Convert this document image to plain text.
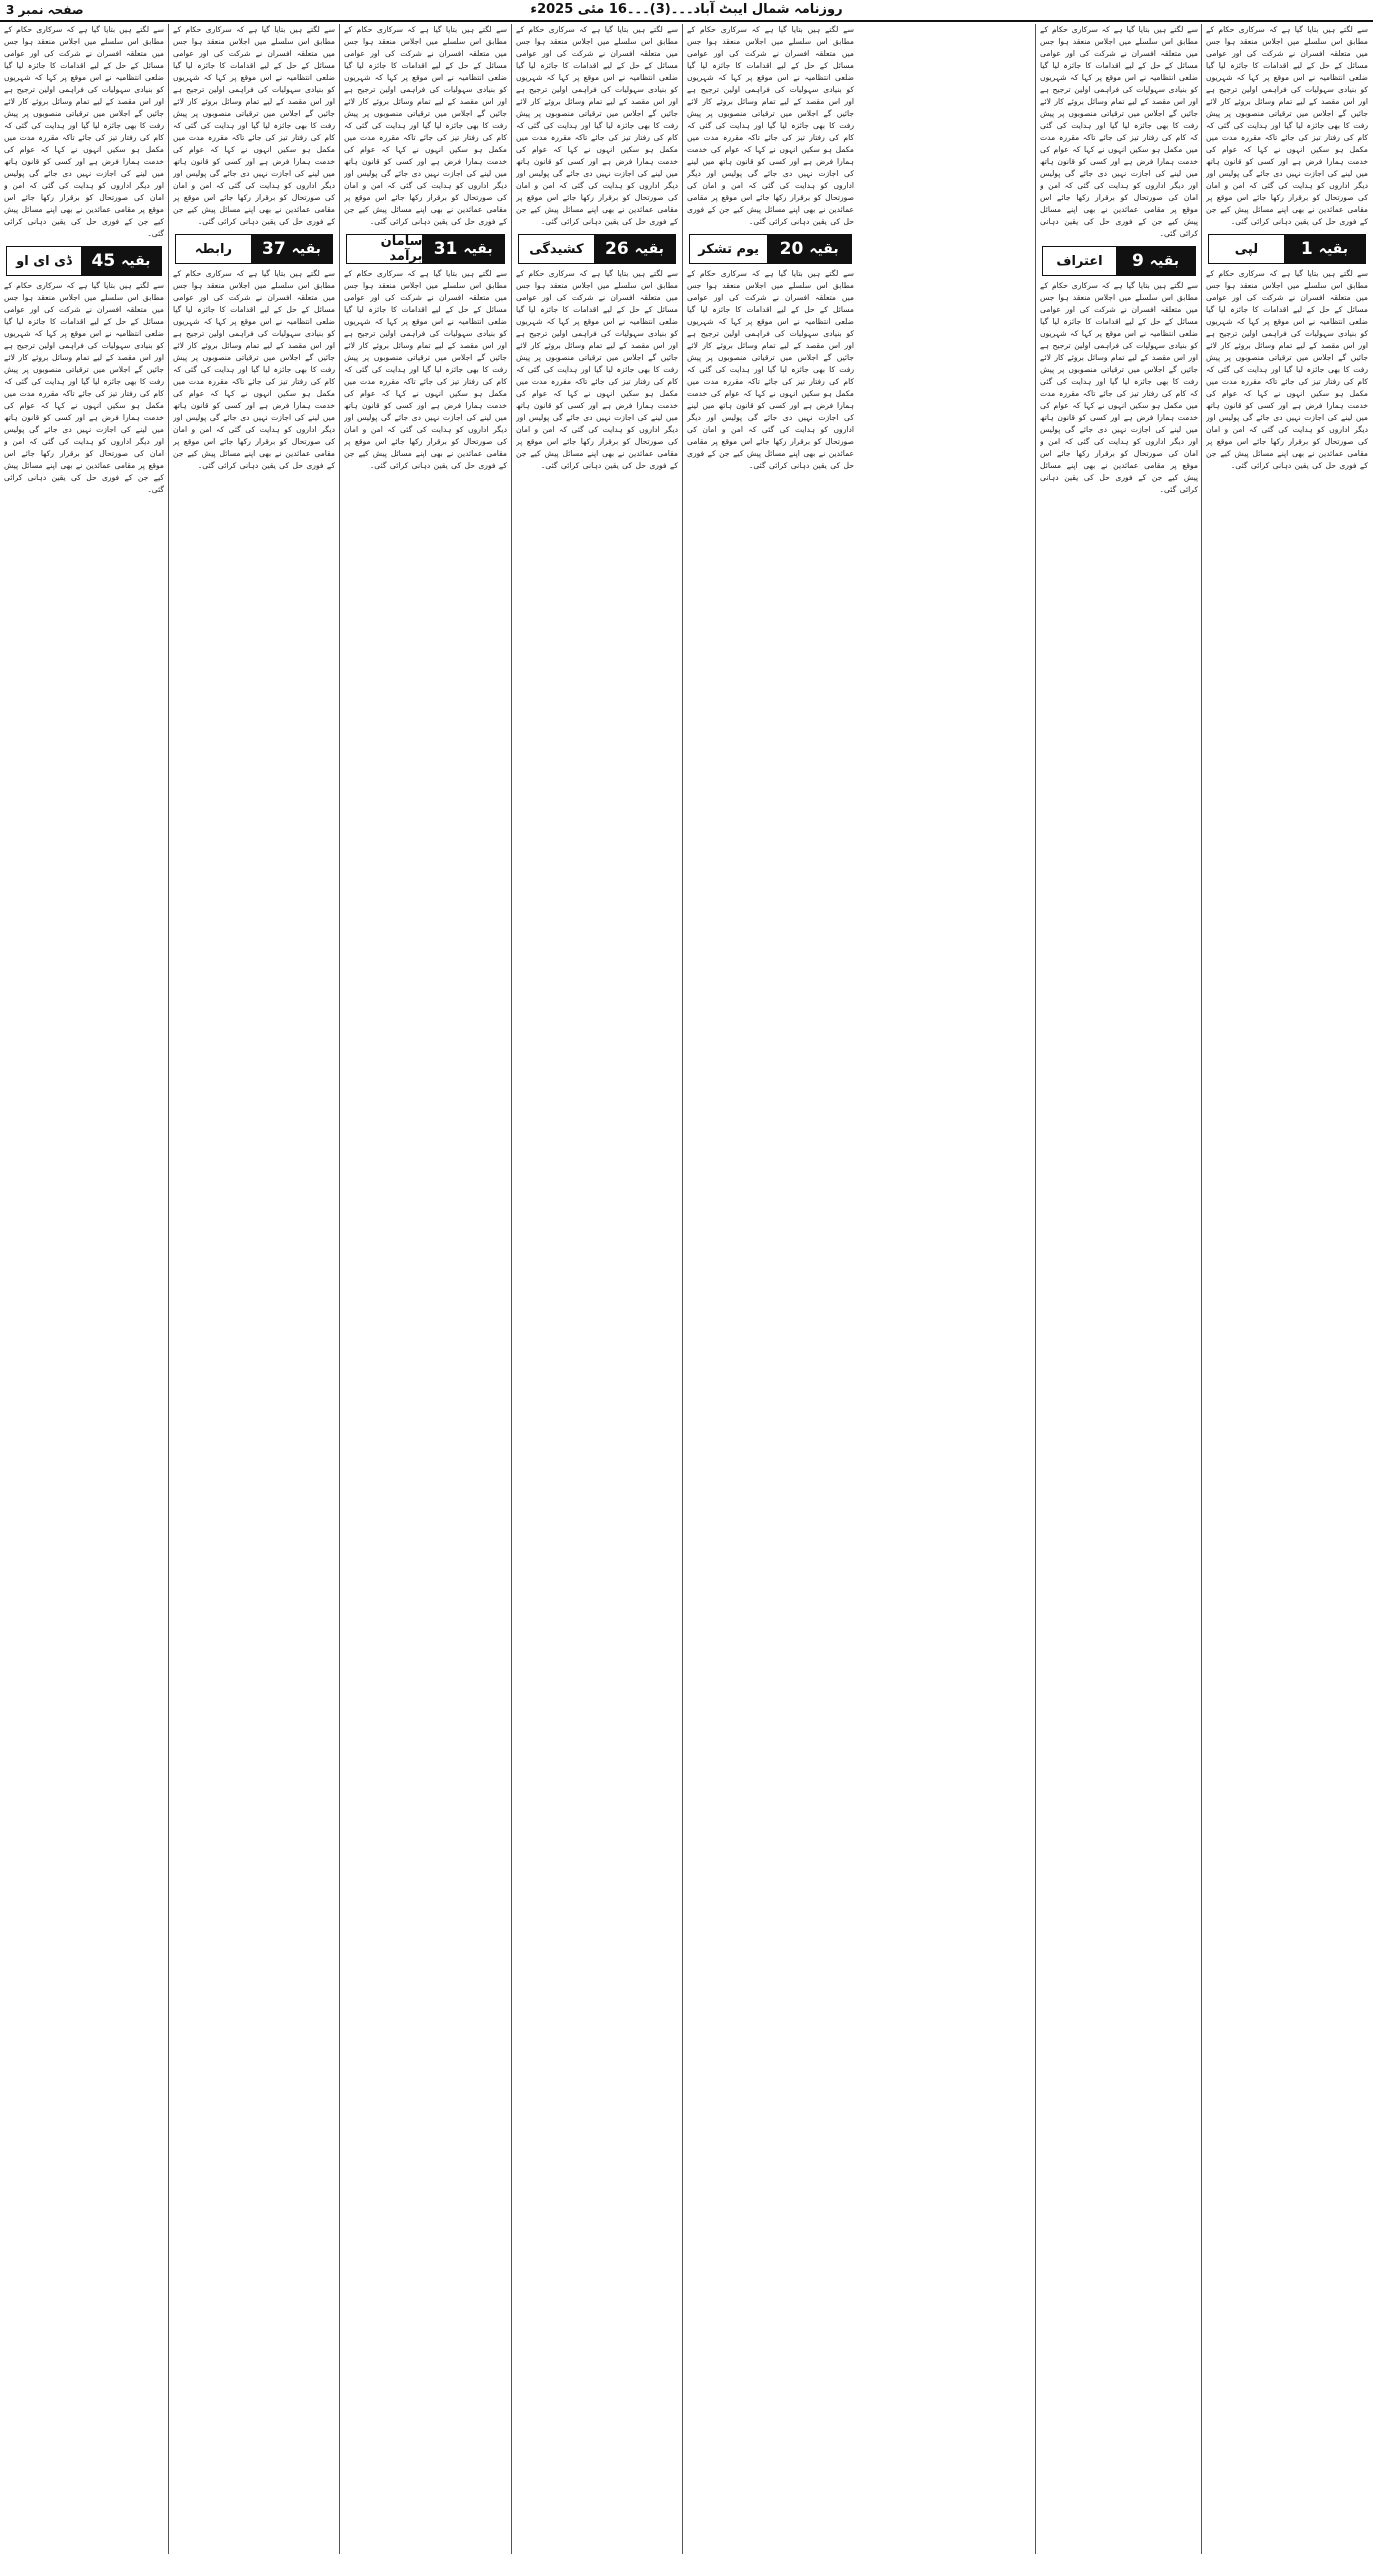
روزنامہ شمال ایبٹ آباد۔۔۔(3)۔۔۔16 مئی 2025ء
صفحہ نمبر 3
سے لگتے ہیں بتایا گیا ہے کہ سرکاری حکام کے مطابق اس سلسلے میں اجلاس منعقد ہوا جس میں متعلقہ افسران نے شرکت کی اور عوامی مسائل کے حل کے لیے اقدامات کا جائزہ لیا گیا ضلعی انتظامیہ نے اس موقع پر کہا کہ شہریوں کو بنیادی سہولیات کی فراہمی اولین ترجیح ہے اور اس مقصد کے لیے تمام وسائل بروئے کار لائے جائیں گے اجلاس میں ترقیاتی منصوبوں پر پیش رفت کا بھی جائزہ لیا گیا اور ہدایت کی گئی کہ کام کی رفتار تیز کی جائے تاکہ مقررہ مدت میں مکمل ہو سکیں انہوں نے کہا کہ عوام کی خدمت ہمارا فرض ہے اور کسی کو قانون ہاتھ میں لینے کی اجازت نہیں دی جائے گی پولیس اور دیگر اداروں کو ہدایت کی گئی کہ امن و امان کی صورتحال کو برقرار رکھا جائے اس موقع پر مقامی عمائدین نے بھی اپنے مسائل پیش کیے جن کے فوری حل کی یقین دہانی کرائی گئی۔
بقیہ
1
لپی
سے لگتے ہیں بتایا گیا ہے کہ سرکاری حکام کے مطابق اس سلسلے میں اجلاس منعقد ہوا جس میں متعلقہ افسران نے شرکت کی اور عوامی مسائل کے حل کے لیے اقدامات کا جائزہ لیا گیا ضلعی انتظامیہ نے اس موقع پر کہا کہ شہریوں کو بنیادی سہولیات کی فراہمی اولین ترجیح ہے اور اس مقصد کے لیے تمام وسائل بروئے کار لائے جائیں گے اجلاس میں ترقیاتی منصوبوں پر پیش رفت کا بھی جائزہ لیا گیا اور ہدایت کی گئی کہ کام کی رفتار تیز کی جائے تاکہ مقررہ مدت میں مکمل ہو سکیں انہوں نے کہا کہ عوام کی خدمت ہمارا فرض ہے اور کسی کو قانون ہاتھ میں لینے کی اجازت نہیں دی جائے گی پولیس اور دیگر اداروں کو ہدایت کی گئی کہ امن و امان کی صورتحال کو برقرار رکھا جائے اس موقع پر مقامی عمائدین نے بھی اپنے مسائل پیش کیے جن کے فوری حل کی یقین دہانی کرائی گئی۔
سے لگتے ہیں بتایا گیا ہے کہ سرکاری حکام کے مطابق اس سلسلے میں اجلاس منعقد ہوا جس میں متعلقہ افسران نے شرکت کی اور عوامی مسائل کے حل کے لیے اقدامات کا جائزہ لیا گیا ضلعی انتظامیہ نے اس موقع پر کہا کہ شہریوں کو بنیادی سہولیات کی فراہمی اولین ترجیح ہے اور اس مقصد کے لیے تمام وسائل بروئے کار لائے جائیں گے اجلاس میں ترقیاتی منصوبوں پر پیش رفت کا بھی جائزہ لیا گیا اور ہدایت کی گئی کہ کام کی رفتار تیز کی جائے تاکہ مقررہ مدت میں مکمل ہو سکیں انہوں نے کہا کہ عوام کی خدمت ہمارا فرض ہے اور کسی کو قانون ہاتھ میں لینے کی اجازت نہیں دی جائے گی پولیس اور دیگر اداروں کو ہدایت کی گئی کہ امن و امان کی صورتحال کو برقرار رکھا جائے اس موقع پر مقامی عمائدین نے بھی اپنے مسائل پیش کیے جن کے فوری حل کی یقین دہانی کرائی گئی۔
بقیہ
9
اعتراف
سے لگتے ہیں بتایا گیا ہے کہ سرکاری حکام کے مطابق اس سلسلے میں اجلاس منعقد ہوا جس میں متعلقہ افسران نے شرکت کی اور عوامی مسائل کے حل کے لیے اقدامات کا جائزہ لیا گیا ضلعی انتظامیہ نے اس موقع پر کہا کہ شہریوں کو بنیادی سہولیات کی فراہمی اولین ترجیح ہے اور اس مقصد کے لیے تمام وسائل بروئے کار لائے جائیں گے اجلاس میں ترقیاتی منصوبوں پر پیش رفت کا بھی جائزہ لیا گیا اور ہدایت کی گئی کہ کام کی رفتار تیز کی جائے تاکہ مقررہ مدت میں مکمل ہو سکیں انہوں نے کہا کہ عوام کی خدمت ہمارا فرض ہے اور کسی کو قانون ہاتھ میں لینے کی اجازت نہیں دی جائے گی پولیس اور دیگر اداروں کو ہدایت کی گئی کہ امن و امان کی صورتحال کو برقرار رکھا جائے اس موقع پر مقامی عمائدین نے بھی اپنے مسائل پیش کیے جن کے فوری حل کی یقین دہانی کرائی گئی۔
سے لگتے ہیں بتایا گیا ہے کہ سرکاری حکام کے مطابق اس سلسلے میں اجلاس منعقد ہوا جس میں متعلقہ افسران نے شرکت کی اور عوامی مسائل کے حل کے لیے اقدامات کا جائزہ لیا گیا ضلعی انتظامیہ نے اس موقع پر کہا کہ شہریوں کو بنیادی سہولیات کی فراہمی اولین ترجیح ہے اور اس مقصد کے لیے تمام وسائل بروئے کار لائے جائیں گے اجلاس میں ترقیاتی منصوبوں پر پیش رفت کا بھی جائزہ لیا گیا اور ہدایت کی گئی کہ کام کی رفتار تیز کی جائے تاکہ مقررہ مدت میں مکمل ہو سکیں انہوں نے کہا کہ عوام کی خدمت ہمارا فرض ہے اور کسی کو قانون ہاتھ میں لینے کی اجازت نہیں دی جائے گی پولیس اور دیگر اداروں کو ہدایت کی گئی کہ امن و امان کی صورتحال کو برقرار رکھا جائے اس موقع پر مقامی عمائدین نے بھی اپنے مسائل پیش کیے جن کے فوری حل کی یقین دہانی کرائی گئی۔
بقیہ
20
یوم تشکر
سے لگتے ہیں بتایا گیا ہے کہ سرکاری حکام کے مطابق اس سلسلے میں اجلاس منعقد ہوا جس میں متعلقہ افسران نے شرکت کی اور عوامی مسائل کے حل کے لیے اقدامات کا جائزہ لیا گیا ضلعی انتظامیہ نے اس موقع پر کہا کہ شہریوں کو بنیادی سہولیات کی فراہمی اولین ترجیح ہے اور اس مقصد کے لیے تمام وسائل بروئے کار لائے جائیں گے اجلاس میں ترقیاتی منصوبوں پر پیش رفت کا بھی جائزہ لیا گیا اور ہدایت کی گئی کہ کام کی رفتار تیز کی جائے تاکہ مقررہ مدت میں مکمل ہو سکیں انہوں نے کہا کہ عوام کی خدمت ہمارا فرض ہے اور کسی کو قانون ہاتھ میں لینے کی اجازت نہیں دی جائے گی پولیس اور دیگر اداروں کو ہدایت کی گئی کہ امن و امان کی صورتحال کو برقرار رکھا جائے اس موقع پر مقامی عمائدین نے بھی اپنے مسائل پیش کیے جن کے فوری حل کی یقین دہانی کرائی گئی۔
سے لگتے ہیں بتایا گیا ہے کہ سرکاری حکام کے مطابق اس سلسلے میں اجلاس منعقد ہوا جس میں متعلقہ افسران نے شرکت کی اور عوامی مسائل کے حل کے لیے اقدامات کا جائزہ لیا گیا ضلعی انتظامیہ نے اس موقع پر کہا کہ شہریوں کو بنیادی سہولیات کی فراہمی اولین ترجیح ہے اور اس مقصد کے لیے تمام وسائل بروئے کار لائے جائیں گے اجلاس میں ترقیاتی منصوبوں پر پیش رفت کا بھی جائزہ لیا گیا اور ہدایت کی گئی کہ کام کی رفتار تیز کی جائے تاکہ مقررہ مدت میں مکمل ہو سکیں انہوں نے کہا کہ عوام کی خدمت ہمارا فرض ہے اور کسی کو قانون ہاتھ میں لینے کی اجازت نہیں دی جائے گی پولیس اور دیگر اداروں کو ہدایت کی گئی کہ امن و امان کی صورتحال کو برقرار رکھا جائے اس موقع پر مقامی عمائدین نے بھی اپنے مسائل پیش کیے جن کے فوری حل کی یقین دہانی کرائی گئی۔
بقیہ
26
کشیدگی
سے لگتے ہیں بتایا گیا ہے کہ سرکاری حکام کے مطابق اس سلسلے میں اجلاس منعقد ہوا جس میں متعلقہ افسران نے شرکت کی اور عوامی مسائل کے حل کے لیے اقدامات کا جائزہ لیا گیا ضلعی انتظامیہ نے اس موقع پر کہا کہ شہریوں کو بنیادی سہولیات کی فراہمی اولین ترجیح ہے اور اس مقصد کے لیے تمام وسائل بروئے کار لائے جائیں گے اجلاس میں ترقیاتی منصوبوں پر پیش رفت کا بھی جائزہ لیا گیا اور ہدایت کی گئی کہ کام کی رفتار تیز کی جائے تاکہ مقررہ مدت میں مکمل ہو سکیں انہوں نے کہا کہ عوام کی خدمت ہمارا فرض ہے اور کسی کو قانون ہاتھ میں لینے کی اجازت نہیں دی جائے گی پولیس اور دیگر اداروں کو ہدایت کی گئی کہ امن و امان کی صورتحال کو برقرار رکھا جائے اس موقع پر مقامی عمائدین نے بھی اپنے مسائل پیش کیے جن کے فوری حل کی یقین دہانی کرائی گئی۔
سے لگتے ہیں بتایا گیا ہے کہ سرکاری حکام کے مطابق اس سلسلے میں اجلاس منعقد ہوا جس میں متعلقہ افسران نے شرکت کی اور عوامی مسائل کے حل کے لیے اقدامات کا جائزہ لیا گیا ضلعی انتظامیہ نے اس موقع پر کہا کہ شہریوں کو بنیادی سہولیات کی فراہمی اولین ترجیح ہے اور اس مقصد کے لیے تمام وسائل بروئے کار لائے جائیں گے اجلاس میں ترقیاتی منصوبوں پر پیش رفت کا بھی جائزہ لیا گیا اور ہدایت کی گئی کہ کام کی رفتار تیز کی جائے تاکہ مقررہ مدت میں مکمل ہو سکیں انہوں نے کہا کہ عوام کی خدمت ہمارا فرض ہے اور کسی کو قانون ہاتھ میں لینے کی اجازت نہیں دی جائے گی پولیس اور دیگر اداروں کو ہدایت کی گئی کہ امن و امان کی صورتحال کو برقرار رکھا جائے اس موقع پر مقامی عمائدین نے بھی اپنے مسائل پیش کیے جن کے فوری حل کی یقین دہانی کرائی گئی۔
بقیہ
31
سامان برآمد
سے لگتے ہیں بتایا گیا ہے کہ سرکاری حکام کے مطابق اس سلسلے میں اجلاس منعقد ہوا جس میں متعلقہ افسران نے شرکت کی اور عوامی مسائل کے حل کے لیے اقدامات کا جائزہ لیا گیا ضلعی انتظامیہ نے اس موقع پر کہا کہ شہریوں کو بنیادی سہولیات کی فراہمی اولین ترجیح ہے اور اس مقصد کے لیے تمام وسائل بروئے کار لائے جائیں گے اجلاس میں ترقیاتی منصوبوں پر پیش رفت کا بھی جائزہ لیا گیا اور ہدایت کی گئی کہ کام کی رفتار تیز کی جائے تاکہ مقررہ مدت میں مکمل ہو سکیں انہوں نے کہا کہ عوام کی خدمت ہمارا فرض ہے اور کسی کو قانون ہاتھ میں لینے کی اجازت نہیں دی جائے گی پولیس اور دیگر اداروں کو ہدایت کی گئی کہ امن و امان کی صورتحال کو برقرار رکھا جائے اس موقع پر مقامی عمائدین نے بھی اپنے مسائل پیش کیے جن کے فوری حل کی یقین دہانی کرائی گئی۔
سے لگتے ہیں بتایا گیا ہے کہ سرکاری حکام کے مطابق اس سلسلے میں اجلاس منعقد ہوا جس میں متعلقہ افسران نے شرکت کی اور عوامی مسائل کے حل کے لیے اقدامات کا جائزہ لیا گیا ضلعی انتظامیہ نے اس موقع پر کہا کہ شہریوں کو بنیادی سہولیات کی فراہمی اولین ترجیح ہے اور اس مقصد کے لیے تمام وسائل بروئے کار لائے جائیں گے اجلاس میں ترقیاتی منصوبوں پر پیش رفت کا بھی جائزہ لیا گیا اور ہدایت کی گئی کہ کام کی رفتار تیز کی جائے تاکہ مقررہ مدت میں مکمل ہو سکیں انہوں نے کہا کہ عوام کی خدمت ہمارا فرض ہے اور کسی کو قانون ہاتھ میں لینے کی اجازت نہیں دی جائے گی پولیس اور دیگر اداروں کو ہدایت کی گئی کہ امن و امان کی صورتحال کو برقرار رکھا جائے اس موقع پر مقامی عمائدین نے بھی اپنے مسائل پیش کیے جن کے فوری حل کی یقین دہانی کرائی گئی۔
بقیہ
37
رابطہ
سے لگتے ہیں بتایا گیا ہے کہ سرکاری حکام کے مطابق اس سلسلے میں اجلاس منعقد ہوا جس میں متعلقہ افسران نے شرکت کی اور عوامی مسائل کے حل کے لیے اقدامات کا جائزہ لیا گیا ضلعی انتظامیہ نے اس موقع پر کہا کہ شہریوں کو بنیادی سہولیات کی فراہمی اولین ترجیح ہے اور اس مقصد کے لیے تمام وسائل بروئے کار لائے جائیں گے اجلاس میں ترقیاتی منصوبوں پر پیش رفت کا بھی جائزہ لیا گیا اور ہدایت کی گئی کہ کام کی رفتار تیز کی جائے تاکہ مقررہ مدت میں مکمل ہو سکیں انہوں نے کہا کہ عوام کی خدمت ہمارا فرض ہے اور کسی کو قانون ہاتھ میں لینے کی اجازت نہیں دی جائے گی پولیس اور دیگر اداروں کو ہدایت کی گئی کہ امن و امان کی صورتحال کو برقرار رکھا جائے اس موقع پر مقامی عمائدین نے بھی اپنے مسائل پیش کیے جن کے فوری حل کی یقین دہانی کرائی گئی۔
سے لگتے ہیں بتایا گیا ہے کہ سرکاری حکام کے مطابق اس سلسلے میں اجلاس منعقد ہوا جس میں متعلقہ افسران نے شرکت کی اور عوامی مسائل کے حل کے لیے اقدامات کا جائزہ لیا گیا ضلعی انتظامیہ نے اس موقع پر کہا کہ شہریوں کو بنیادی سہولیات کی فراہمی اولین ترجیح ہے اور اس مقصد کے لیے تمام وسائل بروئے کار لائے جائیں گے اجلاس میں ترقیاتی منصوبوں پر پیش رفت کا بھی جائزہ لیا گیا اور ہدایت کی گئی کہ کام کی رفتار تیز کی جائے تاکہ مقررہ مدت میں مکمل ہو سکیں انہوں نے کہا کہ عوام کی خدمت ہمارا فرض ہے اور کسی کو قانون ہاتھ میں لینے کی اجازت نہیں دی جائے گی پولیس اور دیگر اداروں کو ہدایت کی گئی کہ امن و امان کی صورتحال کو برقرار رکھا جائے اس موقع پر مقامی عمائدین نے بھی اپنے مسائل پیش کیے جن کے فوری حل کی یقین دہانی کرائی گئی۔
بقیہ
45
ڈی ای او
سے لگتے ہیں بتایا گیا ہے کہ سرکاری حکام کے مطابق اس سلسلے میں اجلاس منعقد ہوا جس میں متعلقہ افسران نے شرکت کی اور عوامی مسائل کے حل کے لیے اقدامات کا جائزہ لیا گیا ضلعی انتظامیہ نے اس موقع پر کہا کہ شہریوں کو بنیادی سہولیات کی فراہمی اولین ترجیح ہے اور اس مقصد کے لیے تمام وسائل بروئے کار لائے جائیں گے اجلاس میں ترقیاتی منصوبوں پر پیش رفت کا بھی جائزہ لیا گیا اور ہدایت کی گئی کہ کام کی رفتار تیز کی جائے تاکہ مقررہ مدت میں مکمل ہو سکیں انہوں نے کہا کہ عوام کی خدمت ہمارا فرض ہے اور کسی کو قانون ہاتھ میں لینے کی اجازت نہیں دی جائے گی پولیس اور دیگر اداروں کو ہدایت کی گئی کہ امن و امان کی صورتحال کو برقرار رکھا جائے اس موقع پر مقامی عمائدین نے بھی اپنے مسائل پیش کیے جن کے فوری حل کی یقین دہانی کرائی گئی۔
